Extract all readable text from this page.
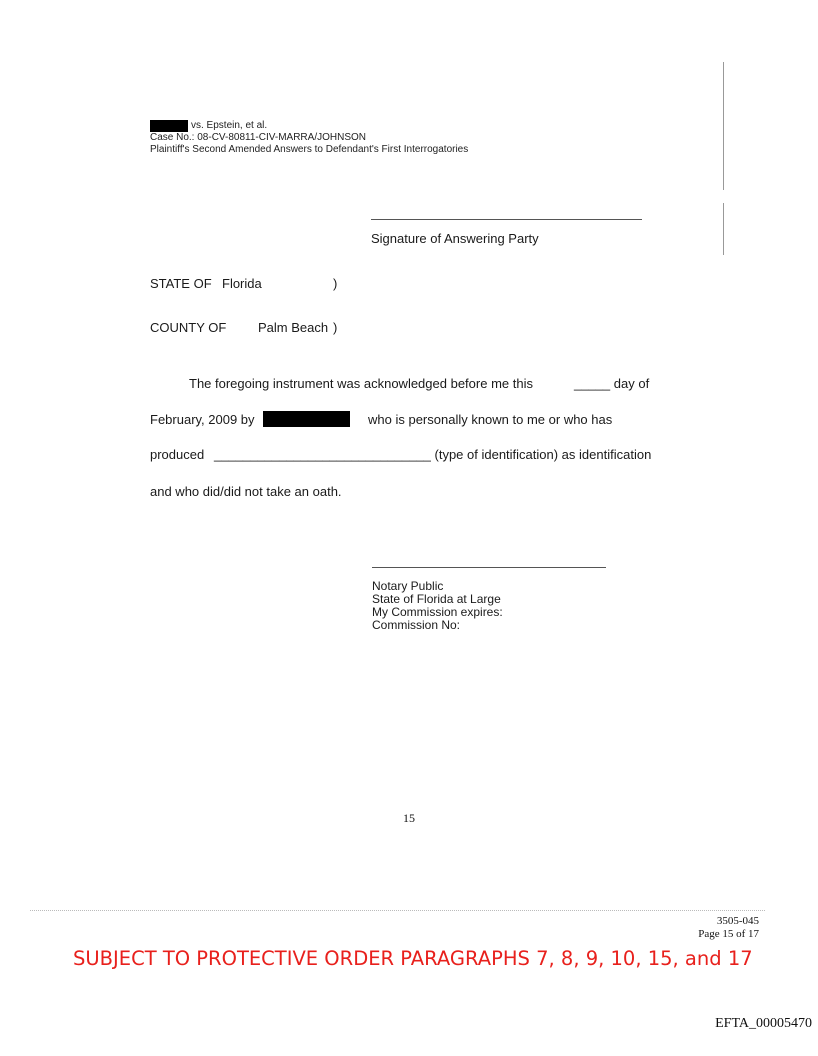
vs. Epstein, et al.
Case No.: 08-CV-80811-CIV-MARRA/JOHNSON
Plaintiff's Second Amended Answers to Defendant's First Interrogatories
Signature of Answering Party
STATE OF Florida	)
COUNTY OF Palm Beach )
The foregoing instrument was acknowledged before me this	_____ day of
February, 2009 by	who is personally known to me or who has
produced ______________________________ (type of identification) as identification
and who did/did not take an oath.
Notary Public
State of Florida at Large
My Commission expires:
Commission No:
15
3505-045
Page 15 of 17
SUBJECT TO PROTECTIVE ORDER PARAGRAPHS 7, 8, 9, 10, 15, and 17
EFTA_00005470
